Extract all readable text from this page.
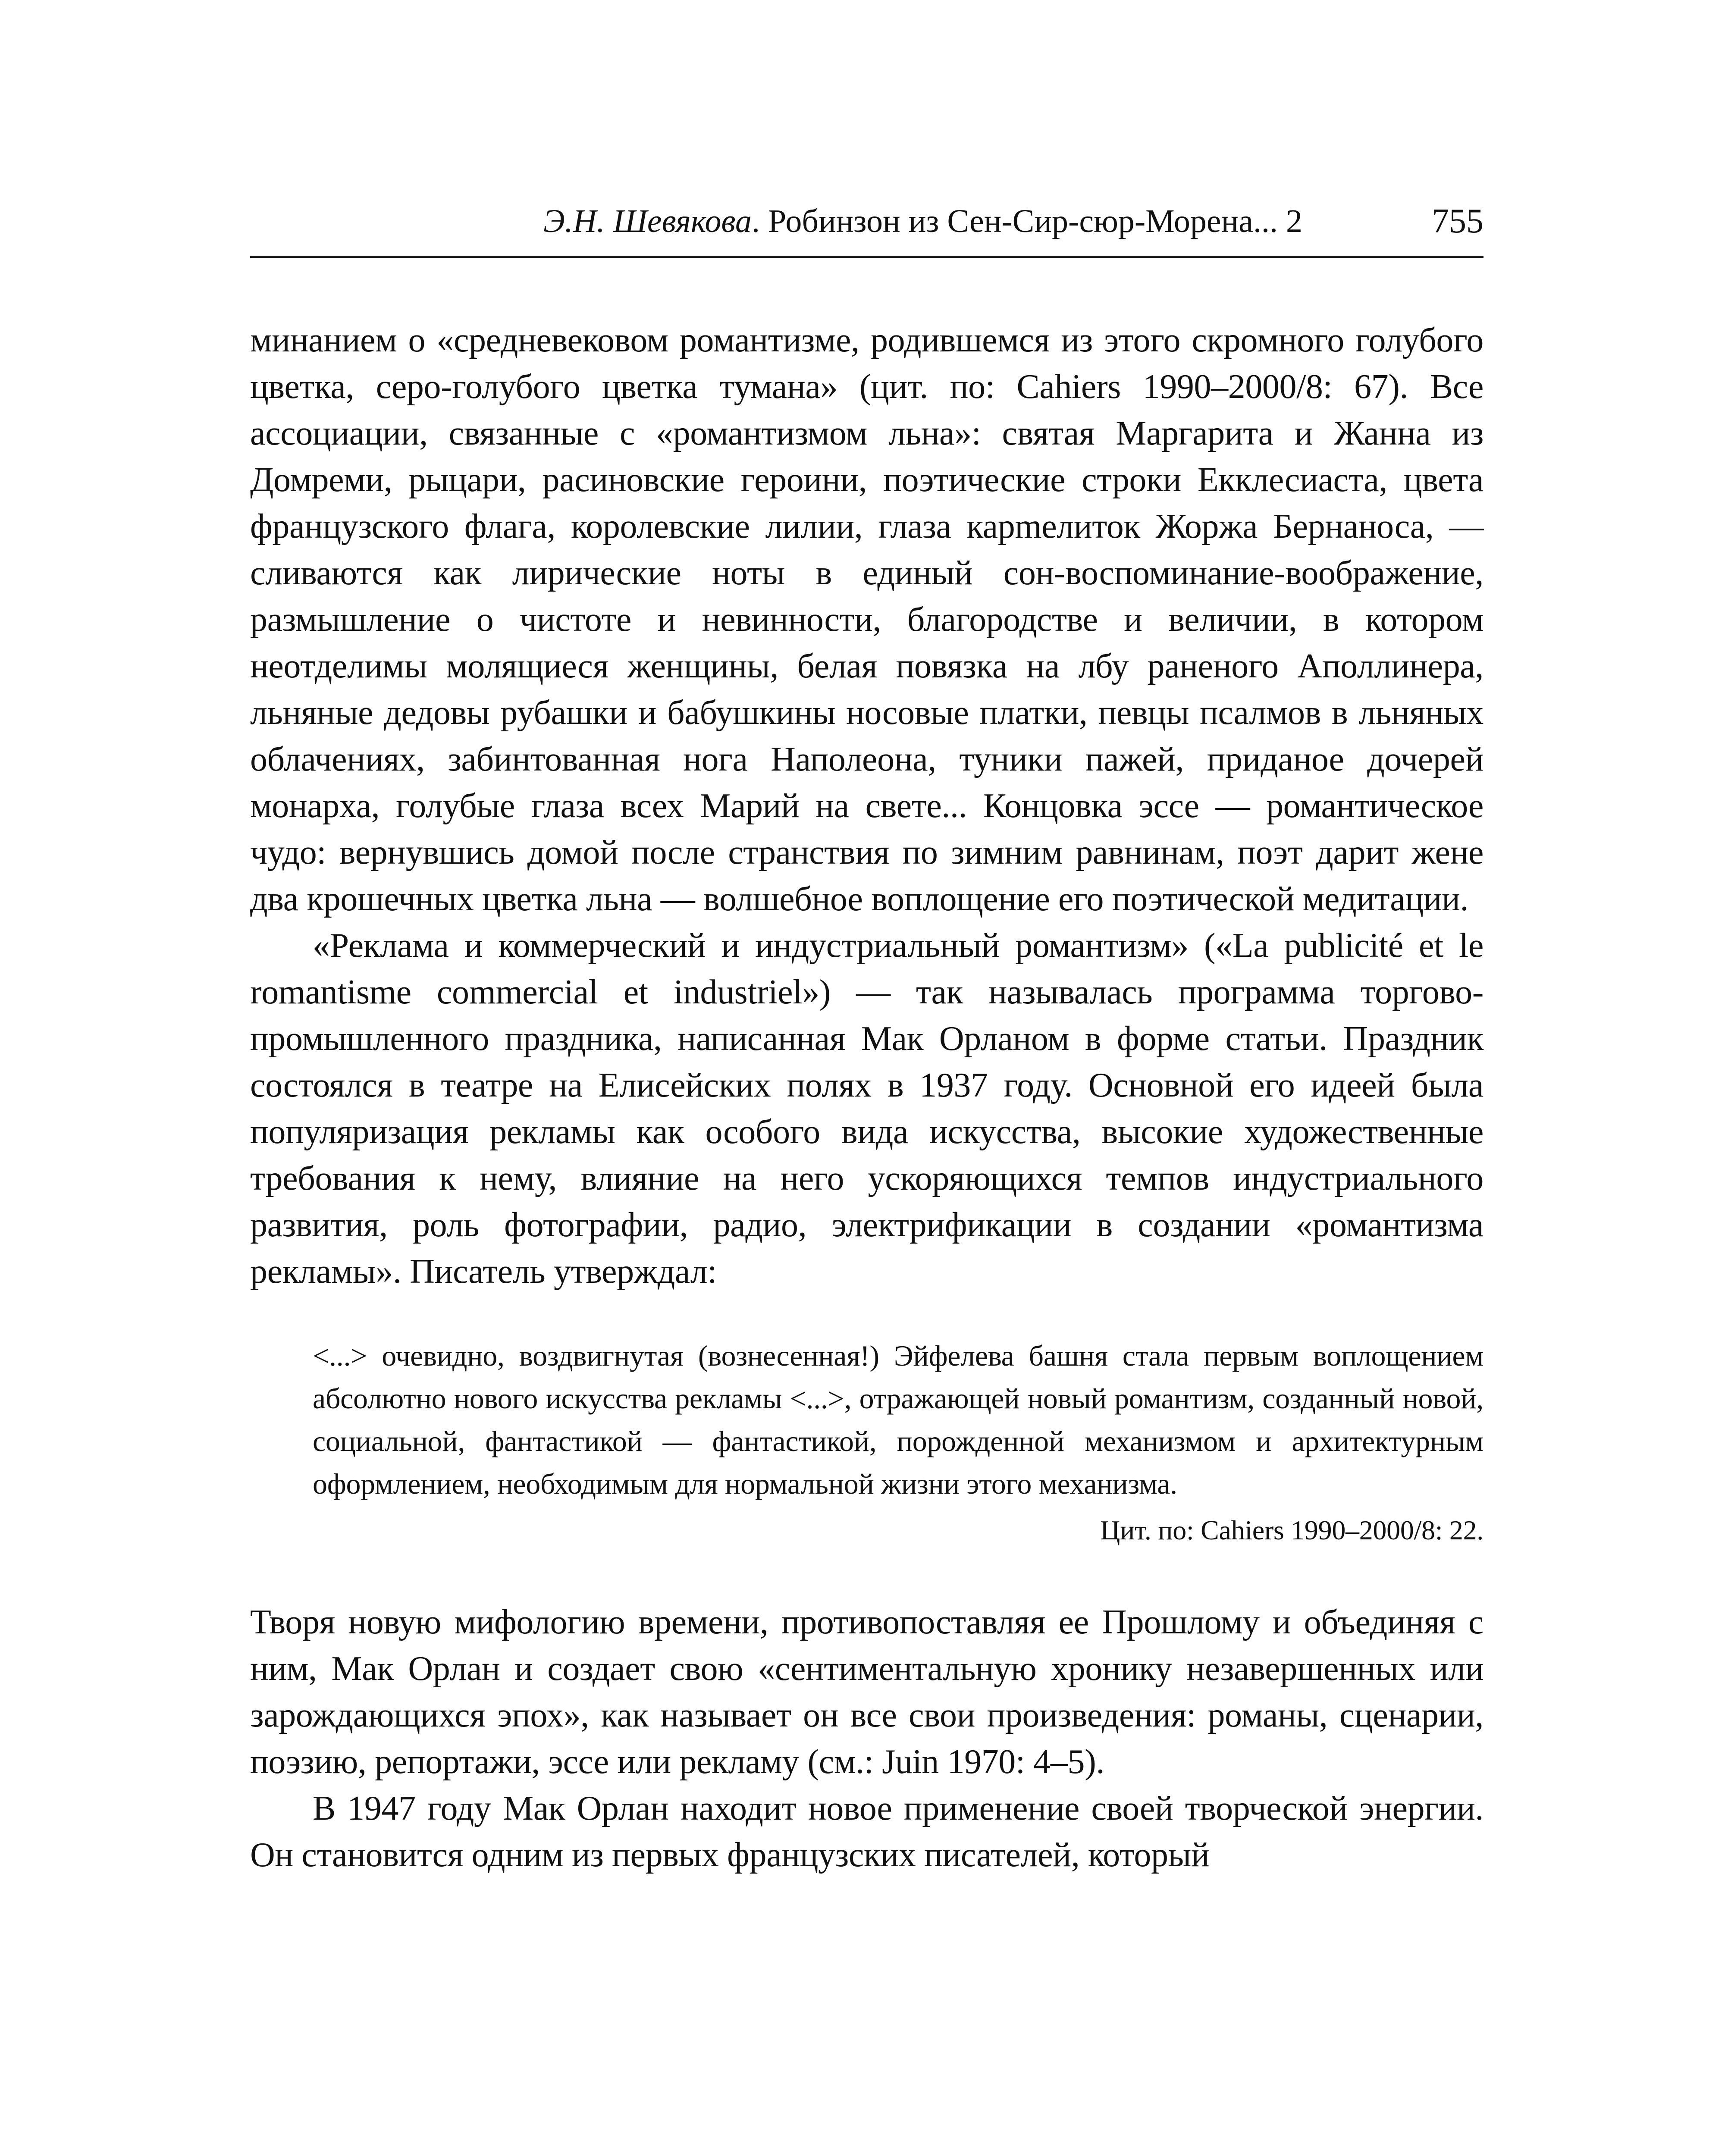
Э.Н. Шевякова. Робинзон из Сен-Сир-сюр-Морена... 2	755

минанием о «средневековом романтизме, родившемся из этого скромного голубого цветка, серо-голубого цветка тумана» (цит. по: Cahiers 1990–2000/8: 67). Все ассоциации, связанные с «романтизмом льна»: святая Маргарита и Жанна из Домреми, рыцари, расиновские героини, поэтические строки Екклесиаста, цвета французского флага, королевские лилии, глаза карmелиток Жоржа Бернаноса, — сливаются как лирические ноты в единый сон-воспоминание-воображение, размышление о чистоте и невинности, благородстве и величии, в котором неотделимы молящиеся женщины, белая повязка на лбу раненого Аполлинера, льняные дедовы рубашки и бабушкины носовые платки, певцы псалмов в льняных облачениях, забинтованная нога Наполеона, туники пажей, приданое дочерей монарха, голубые глаза всех Марий на свете... Концовка эссе — романтическое чудо: вернувшись домой после странствия по зимним равнинам, поэт дарит жене два крошечных цветка льна — волшебное воплощение его поэтической медитации.

«Реклама и коммерческий и индустриальный романтизм» («La publicité et le romantisme commercial et industriel») — так называлась программа торгово-промышленного праздника, написанная Мак Орланом в форме статьи. Праздник состоялся в театре на Елисейских полях в 1937 году. Основной его идеей была популяризация рекламы как особого вида искусства, высокие художественные требования к нему, влияние на него ускоряющихся темпов индустриального развития, роль фотографии, радио, электрификации в создании «романтизма рекламы». Писатель утверждал:

<...> очевидно, воздвигнутая (вознесенная!) Эйфелева башня стала первым воплощением абсолютно нового искусства рекламы <...>, отражающей новый романтизм, созданный новой, социальной, фантастикой — фантастикой, порожденной механизмом и архитектурным оформлением, необходимым для нормальной жизни этого механизма.

Цит. по: Cahiers 1990–2000/8: 22.

Творя новую мифологию времени, противопоставляя ее Прошлому и объединяя с ним, Мак Орлан и создает свою «сентиментальную хронику незавершенных или зарождающихся эпох», как называет он все свои произведения: романы, сценарии, поэзию, репортажи, эссе или рекламу (см.: Juin 1970: 4–5).

В 1947 году Мак Орлан находит новое применение своей творческой энергии. Он становится одним из первых французских писателей, который
